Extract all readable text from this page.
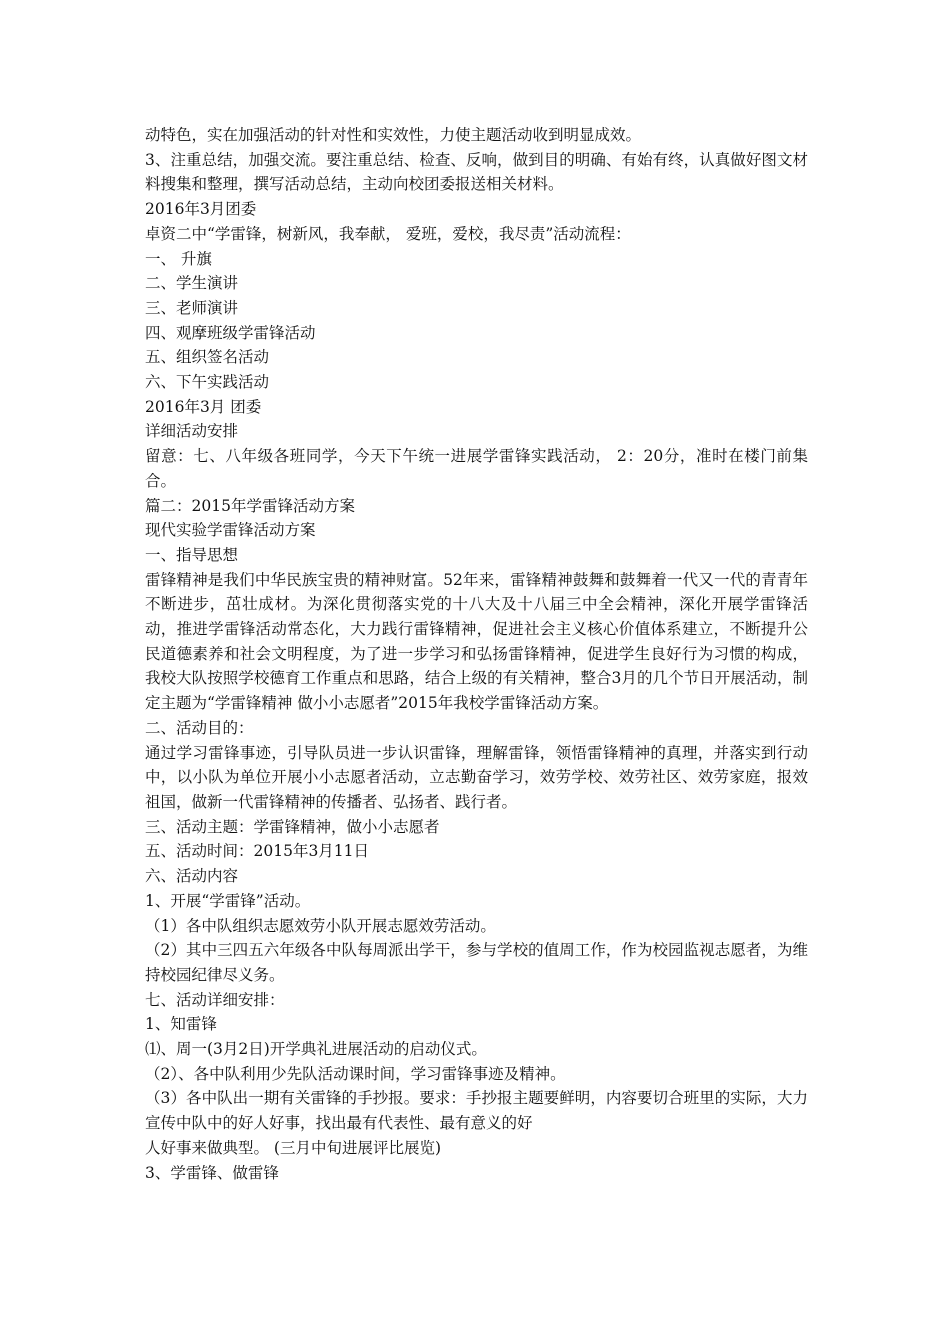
动特色，实在加强活动的针对性和实效性，力使主题活动收到明显成效。
3、注重总结，加强交流。要注重总结、检查、反响，做到目的明确、有始有终，认真做好图文材料搜集和整理，撰写活动总结，主动向校团委报送相关材料。
2016年3月团委
卓资二中“学雷锋，树新风，我奉献， 爱班，爱校，我尽责”活动流程：
一、 升旗
二、学生演讲
三、老师演讲
四、观摩班级学雷锋活动
五、组织签名活动
六、下午实践活动
2016年3月 团委
详细活动安排
留意：七、八年级各班同学，今天下午统一进展学雷锋实践活动， 2：20分，准时在楼门前集合。
篇二：2015年学雷锋活动方案
现代实验学雷锋活动方案
一、指导思想
雷锋精神是我们中华民族宝贵的精神财富。52年来，雷锋精神鼓舞和鼓舞着一代又一代的青青年不断进步，茁壮成材。为深化贯彻落实党的十八大及十八届三中全会精神，深化开展学雷锋活动，推进学雷锋活动常态化，大力践行雷锋精神，促进社会主义核心价值体系建立，不断提升公民道德素养和社会文明程度，为了进一步学习和弘扬雷锋精神，促进学生良好行为习惯的构成，我校大队按照学校德育工作重点和思路，结合上级的有关精神，整合3月的几个节日开展活动，制定主题为“学雷锋精神 做小小志愿者”2015年我校学雷锋活动方案。
二、活动目的：
通过学习雷锋事迹，引导队员进一步认识雷锋，理解雷锋，领悟雷锋精神的真理，并落实到行动中，以小队为单位开展小小志愿者活动，立志勤奋学习，效劳学校、效劳社区、效劳家庭，报效祖国，做新一代雷锋精神的传播者、弘扬者、践行者。
三、活动主题：学雷锋精神，做小小志愿者
五、活动时间：2015年3月11日
六、活动内容
1、开展“学雷锋”活动。
（1）各中队组织志愿效劳小队开展志愿效劳活动。
（2）其中三四五六年级各中队每周派出学干，参与学校的值周工作，作为校园监视志愿者，为维持校园纪律尽义务。
七、活动详细安排：
1、知雷锋
⑴、周一(3月2日)开学典礼进展活动的启动仪式。
（2）、各中队利用少先队活动课时间，学习雷锋事迹及精神。
（3）各中队出一期有关雷锋的手抄报。要求：手抄报主题要鲜明，内容要切合班里的实际，大力宣传中队中的好人好事，找出最有代表性、最有意义的好
人好事来做典型。 (三月中旬进展评比展览)
3、学雷锋、做雷锋
